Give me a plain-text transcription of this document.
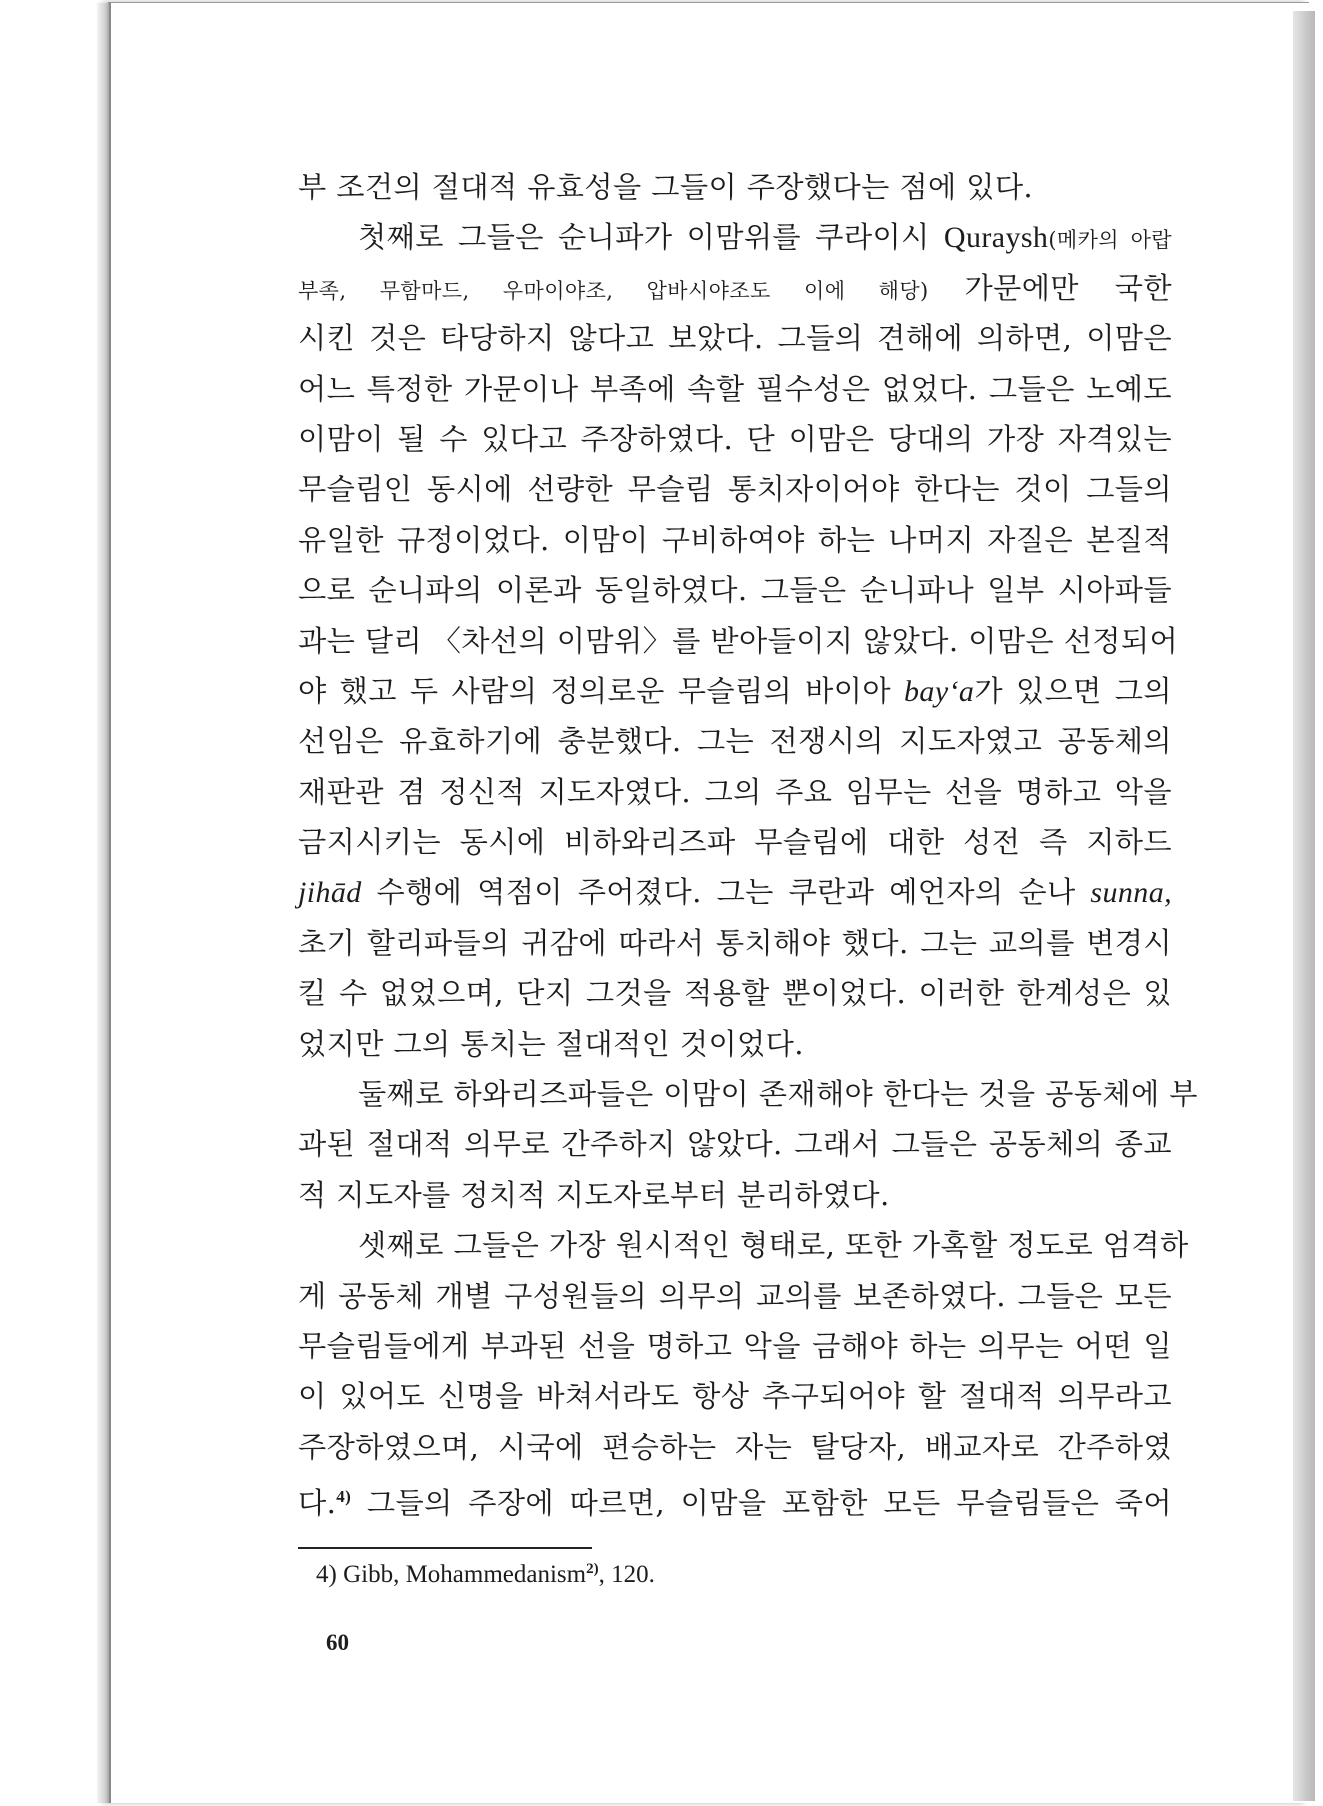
부 조건의 절대적 유효성을 그들이 주장했다는 점에 있다.
첫째로 그들은 순니파가 이맘위를 쿠라이시 Quraysh(메카의 아랍
부족, 무함마드, 우마이야조, 압바시야조도 이에 해당) 가문에만 국한
시킨 것은 타당하지 않다고 보았다. 그들의 견해에 의하면, 이맘은
어느 특정한 가문이나 부족에 속할 필수성은 없었다. 그들은 노예도
이맘이 될 수 있다고 주장하였다. 단 이맘은 당대의 가장 자격있는
무슬림인 동시에 선량한 무슬림 통치자이어야 한다는 것이 그들의
유일한 규정이었다. 이맘이 구비하여야 하는 나머지 자질은 본질적
으로 순니파의 이론과 동일하였다. 그들은 순니파나 일부 시아파들
과는 달리 〈차선의 이맘위〉를 받아들이지 않았다. 이맘은 선정되어
야 했고 두 사람의 정의로운 무슬림의 바이아 bay‘a가 있으면 그의
선임은 유효하기에 충분했다. 그는 전쟁시의 지도자였고 공동체의
재판관 겸 정신적 지도자였다. 그의 주요 임무는 선을 명하고 악을
금지시키는 동시에 비하와리즈파 무슬림에 대한 성전 즉 지하드
jihād 수행에 역점이 주어졌다. 그는 쿠란과 예언자의 순나 sunna,
초기 할리파들의 귀감에 따라서 통치해야 했다. 그는 교의를 변경시
킬 수 없었으며, 단지 그것을 적용할 뿐이었다. 이러한 한계성은 있
었지만 그의 통치는 절대적인 것이었다.
둘째로 하와리즈파들은 이맘이 존재해야 한다는 것을 공동체에 부
과된 절대적 의무로 간주하지 않았다. 그래서 그들은 공동체의 종교
적 지도자를 정치적 지도자로부터 분리하였다.
셋째로 그들은 가장 원시적인 형태로, 또한 가혹할 정도로 엄격하
게 공동체 개별 구성원들의 의무의 교의를 보존하였다. 그들은 모든
무슬림들에게 부과된 선을 명하고 악을 금해야 하는 의무는 어떤 일
이 있어도 신명을 바쳐서라도 항상 추구되어야 할 절대적 의무라고
주장하였으며, 시국에 편승하는 자는 탈당자, 배교자로 간주하였
다.$^{4)}$ 그들의 주장에 따르면, 이맘을 포함한 모든 무슬림들은 죽어
4) Gibb, Mohammedanism$^{2)}$, 120.
60
